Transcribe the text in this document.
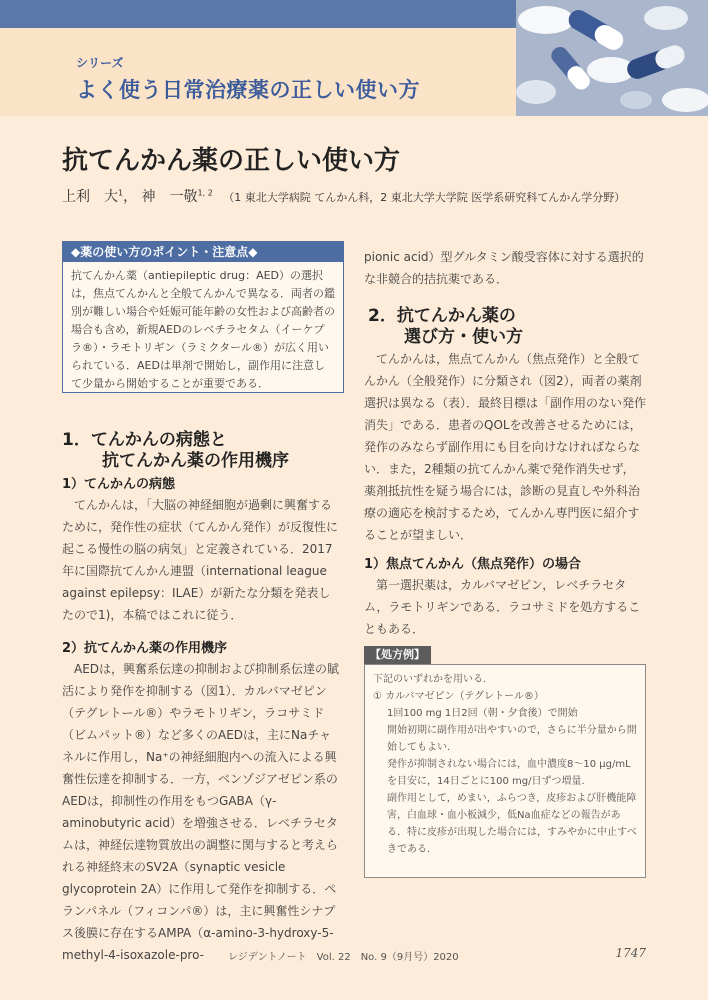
シリーズ

よく使う日常治療薬の正しい使い方

抗てんかん薬の正しい使い方
上利　大$^1$， 神　一敬$^{1, 2}$ （1 東北大学病院 てんかん科，2 東北大学大学院 医学系研究科てんかん学分野）
◆薬の使い方のポイント・注意点◆
抗てんかん薬（antiepileptic drug：AED）の選択は，焦点てんかんと全般てんかんで異なる．両者の鑑別が難しい場合や妊娠可能年齢の女性および高齢者の場合も含め，新規AEDのレベチラセタム（イーケプラ®）・ラモトリギン（ラミクタール®）が広く用いられている．AEDは単剤で開始し，副作用に注意して少量から開始することが重要である．
1．てんかんの病態と
抗てんかん薬の作用機序
1）てんかんの病態

てんかんは，「大脳の神経細胞が過剰に興奮するために，発作性の症状（てんかん発作）が反復性に起こる慢性の脳の病気」と定義されている．2017年に国際抗てんかん連盟（international league against epilepsy：ILAE）が新たな分類を発表したので1)，本稿ではこれに従う．

2）抗てんかん薬の作用機序

AEDは，興奮系伝達の抑制および抑制系伝達の賦活により発作を抑制する（図1）．カルバマゼピン（テグレトール®）やラモトリギン，ラコサミド（ビムパット®）など多くのAEDは，主にNaチャネルに作用し，Na⁺の神経細胞内への流入による興奮性伝達を抑制する．一方，ベンゾジアゼピン系のAEDは，抑制性の作用をもつGABA（γ-aminobutyric acid）を増強させる．レベチラセタムは，神経伝達物質放出の調整に関与すると考えられる神経終末のSV2A（synaptic vesicle glycoprotein 2A）に作用して発作を抑制する．ペランパネル（フィコンパ®）は，主に興奮性シナプス後膜に存在するAMPA（α-amino-3-hydroxy-5-methyl-4-isoxazole-pro-

pionic acid）型グルタミン酸受容体に対する選択的な非競合的拮抗薬である．

2．抗てんかん薬の
選び方・使い方

てんかんは，焦点てんかん（焦点発作）と全般てんかん（全般発作）に分類され（図2），両者の薬剤選択は異なる（表）．最終目標は「副作用のない発作消失」である．患者のQOLを改善させるためには，発作のみならず副作用にも目を向けなければならない．また，2種類の抗てんかん薬で発作消失せず，薬剤抵抗性を疑う場合には，診断の見直しや外科治療の適応を検討するため，てんかん専門医に紹介することが望ましい．

1）焦点てんかん（焦点発作）の場合

第一選択薬は，カルバマゼピン，レベチラセタム，ラモトリギンである．ラコサミドを処方することもある．

【処方例】
下記のいずれかを用いる．
① カルバマゼピン（テグレトール®）
1回100 mg 1日2回（朝・夕食後）で開始
開始初期に副作用が出やすいので，さらに半分量から開始してもよい．
発作が抑制されない場合には，血中濃度8～10 μg/mLを目安に，14日ごとに100 mg/日ずつ増量．
副作用として，めまい，ふらつき，皮疹および肝機能障害，白血球・血小板減少，低Na血症などの報告がある．特に皮疹が出現した場合には，すみやかに中止すべきである．
レジデントノート　Vol. 22　No. 9（9月号）2020	1747
